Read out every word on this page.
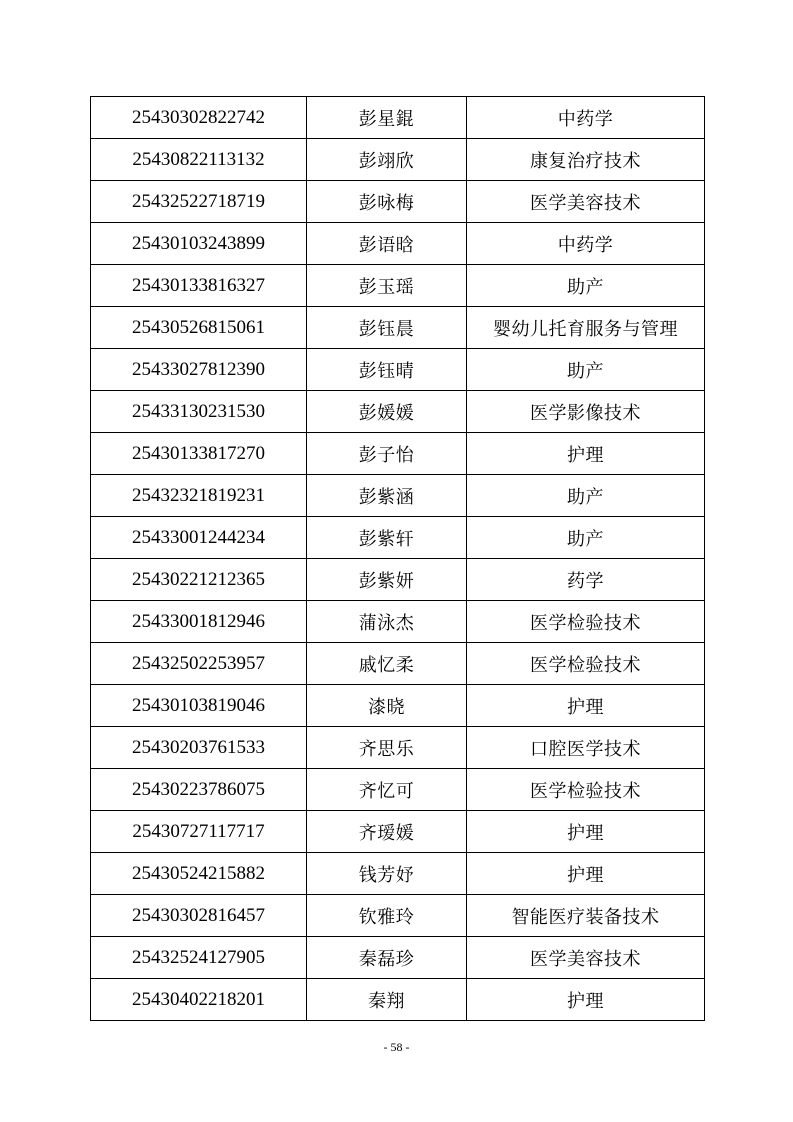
25430302822742	彭星錕	中药学
25430822113132	彭翊欣	康复治疗技术
25432522718719	彭咏梅	医学美容技术
25430103243899	彭语晗	中药学
25430133816327	彭玉瑶	助产
25430526815061	彭钰晨	婴幼儿托育服务与管理
25433027812390	彭钰晴	助产
25433130231530	彭媛媛	医学影像技术
25430133817270	彭子怡	护理
25432321819231	彭紫涵	助产
25433001244234	彭紫轩	助产
25430221212365	彭紫妍	药学
25433001812946	蒲泳杰	医学检验技术
25432502253957	戚忆柔	医学检验技术
25430103819046	漆晓	护理
25430203761533	齐思乐	口腔医学技术
25430223786075	齐忆可	医学检验技术
25430727117717	齐瑷媛	护理
25430524215882	钱芳妤	护理
25430302816457	钦雅玲	智能医疗装备技术
25432524127905	秦磊珍	医学美容技术
25430402218201	秦翔	护理
- 58 -
